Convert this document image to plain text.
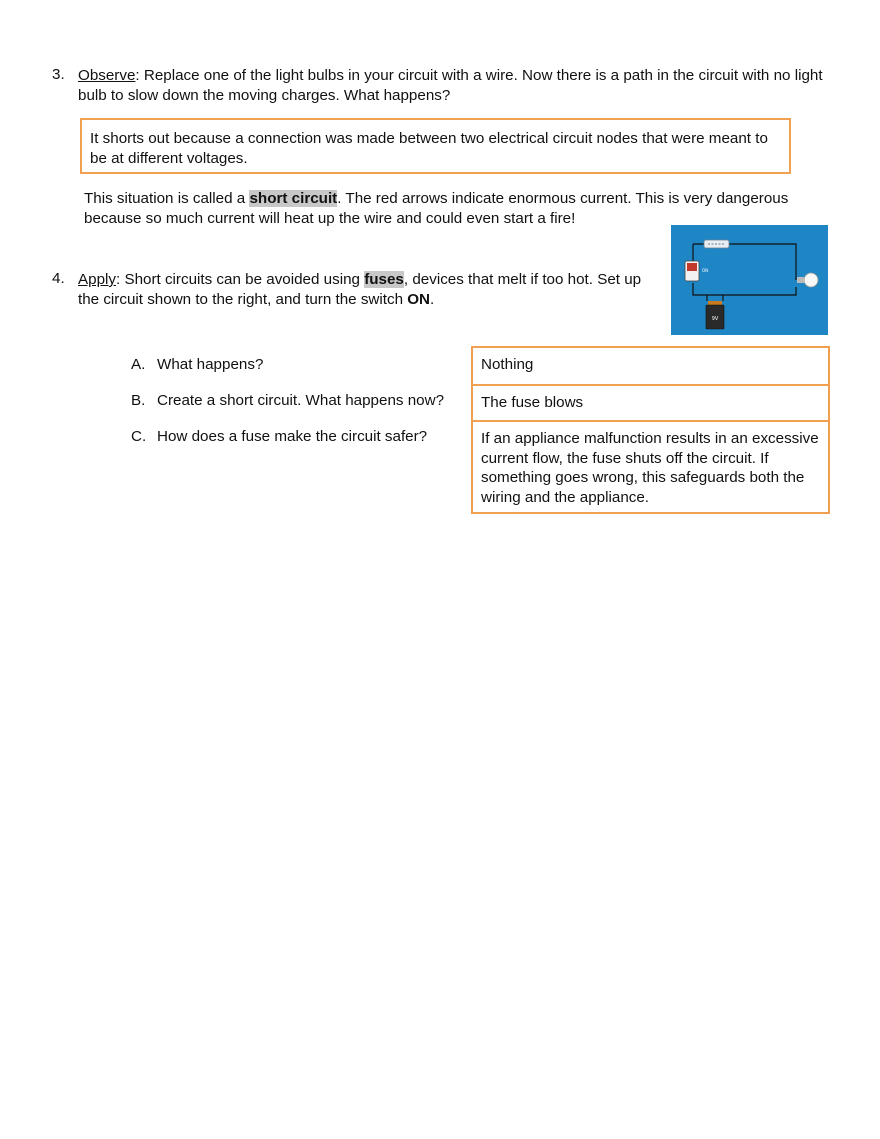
3. Observe: Replace one of the light bulbs in your circuit with a wire. Now there is a path in the circuit with no light bulb to slow down the moving charges. What happens?
It shorts out because a connection was made between two electrical circuit nodes that were meant to be at different voltages.
This situation is called a short circuit. The red arrows indicate enormous current. This is very dangerous because so much current will heat up the wire and could even start a fire!
ON
9V
4. Apply: Short circuits can be avoided using fuses, devices that melt if too hot. Set up the circuit shown to the right, and turn the switch ON.
A. What happens?
B. Create a short circuit. What happens now?
C. How does a fuse make the circuit safer?
Nothing
The fuse blows
If an appliance malfunction results in an excessive current flow, the fuse shuts off the circuit. If something goes wrong, this safeguards both the wiring and the appliance.
